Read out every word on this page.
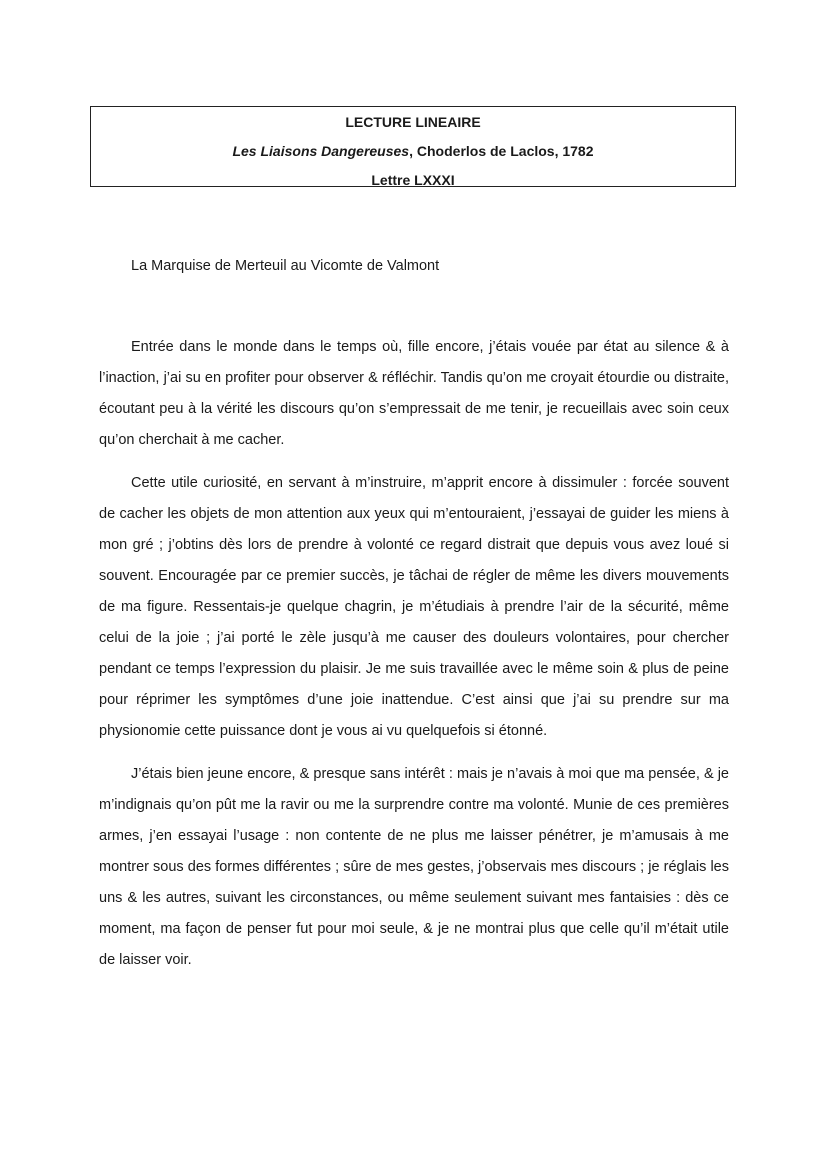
LECTURE LINEAIRE
Les Liaisons Dangereuses, Choderlos de Laclos, 1782
Lettre LXXXI
La Marquise de Merteuil au Vicomte de Valmont

Entrée dans le monde dans le temps où, fille encore, j’étais vouée par état au silence & à l’inaction, j’ai su en profiter pour observer & réfléchir. Tandis qu’on me croyait étourdie ou distraite, écoutant peu à la vérité les discours qu’on s’empressait de me tenir, je recueillais avec soin ceux qu’on cherchait à me cacher.

Cette utile curiosité, en servant à m’instruire, m’apprit encore à dissimuler : forcée souvent de cacher les objets de mon attention aux yeux qui m’entouraient, j’essayai de guider les miens à mon gré ; j’obtins dès lors de prendre à volonté ce regard distrait que depuis vous avez loué si souvent. Encouragée par ce premier succès, je tâchai de régler de même les divers mouvements de ma figure. Ressentais-je quelque chagrin, je m’étudiais à prendre l’air de la sécurité, même celui de la joie ; j’ai porté le zèle jusqu’à me causer des douleurs volontaires, pour chercher pendant ce temps l’expression du plaisir. Je me suis travaillée avec le même soin & plus de peine pour réprimer les symptômes d’une joie inattendue. C’est ainsi que j’ai su prendre sur ma physionomie cette puissance dont je vous ai vu quelquefois si étonné.

J’étais bien jeune encore, & presque sans intérêt : mais je n’avais à moi que ma pensée, & je m’indignais qu’on pût me la ravir ou me la surprendre contre ma volonté. Munie de ces premières armes, j’en essayai l’usage : non contente de ne plus me laisser pénétrer, je m’amusais à me montrer sous des formes différentes ; sûre de mes gestes, j’observais mes discours ; je réglais les uns & les autres, suivant les circonstances, ou même seulement suivant mes fantaisies : dès ce moment, ma façon de penser fut pour moi seule, & je ne montrai plus que celle qu’il m’était utile de laisser voir.
